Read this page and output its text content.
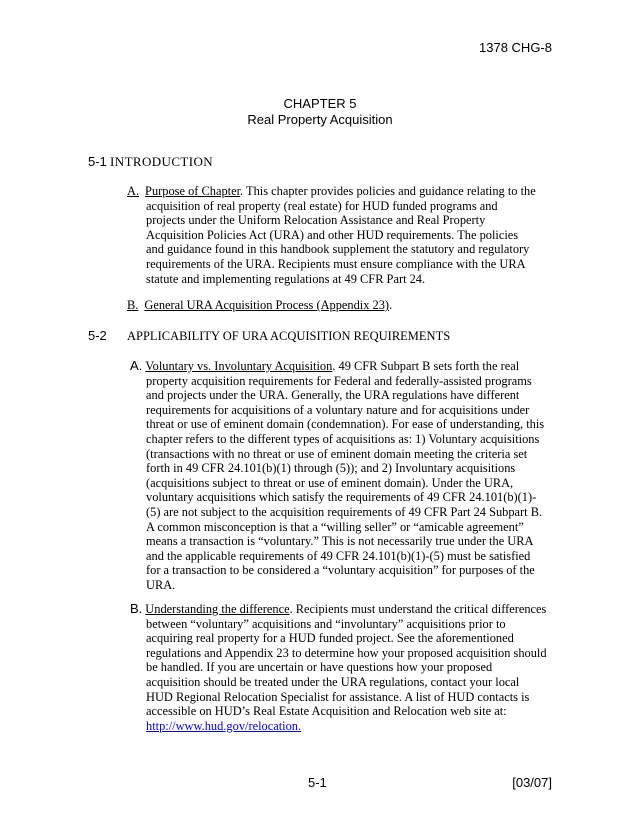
1378 CHG-8
CHAPTER 5
Real Property Acquisition
5-1 INTRODUCTION
A. Purpose of Chapter. This chapter provides policies and guidance relating to the acquisition of real property (real estate) for HUD funded programs and projects under the Uniform Relocation Assistance and Real Property Acquisition Policies Act (URA) and other HUD requirements. The policies and guidance found in this handbook supplement the statutory and regulatory requirements of the URA. Recipients must ensure compliance with the URA statute and implementing regulations at 49 CFR Part 24.
B. General URA Acquisition Process (Appendix 23).
5-2 APPLICABILITY OF URA ACQUISITION REQUIREMENTS
A. Voluntary vs. Involuntary Acquisition. 49 CFR Subpart B sets forth the real property acquisition requirements for Federal and federally-assisted programs and projects under the URA. Generally, the URA regulations have different requirements for acquisitions of a voluntary nature and for acquisitions under threat or use of eminent domain (condemnation). For ease of understanding, this chapter refers to the different types of acquisitions as: 1) Voluntary acquisitions (transactions with no threat or use of eminent domain meeting the criteria set forth in 49 CFR 24.101(b)(1) through (5)); and 2) Involuntary acquisitions (acquisitions subject to threat or use of eminent domain). Under the URA, voluntary acquisitions which satisfy the requirements of 49 CFR 24.101(b)(1)-(5) are not subject to the acquisition requirements of 49 CFR Part 24 Subpart B. A common misconception is that a “willing seller” or “amicable agreement” means a transaction is “voluntary.” This is not necessarily true under the URA and the applicable requirements of 49 CFR 24.101(b)(1)-(5) must be satisfied for a transaction to be considered a “voluntary acquisition” for purposes of the URA.
B. Understanding the difference. Recipients must understand the critical differences between “voluntary” acquisitions and “involuntary” acquisitions prior to acquiring real property for a HUD funded project. See the aforementioned regulations and Appendix 23 to determine how your proposed acquisition should be handled. If you are uncertain or have questions how your proposed acquisition should be treated under the URA regulations, contact your local HUD Regional Relocation Specialist for assistance. A list of HUD contacts is accessible on HUD’s Real Estate Acquisition and Relocation web site at: http://www.hud.gov/relocation.
5-1	[03/07]
